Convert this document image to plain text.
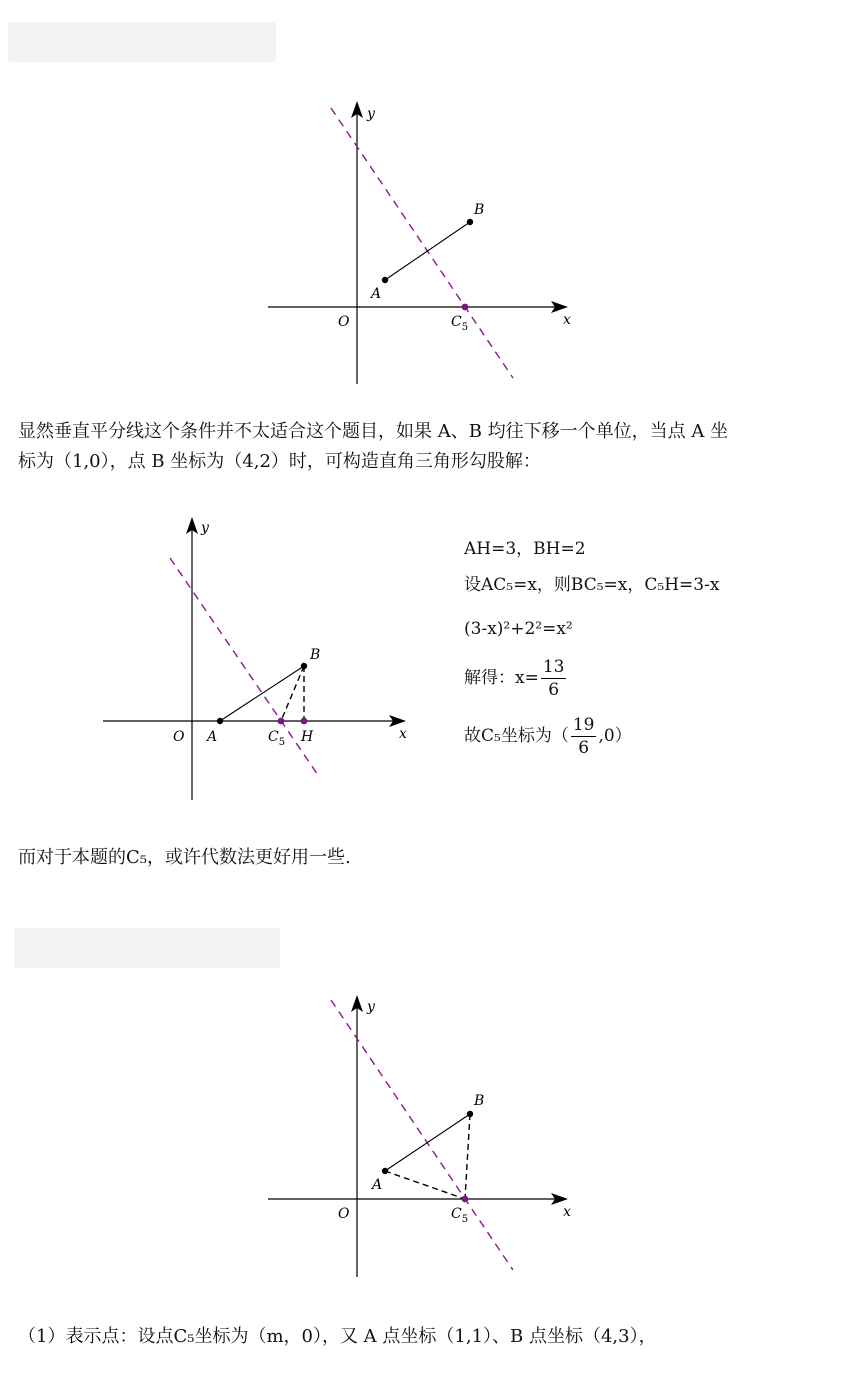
y
x
O
A
B
$C_5$
显然垂直平分线这个条件并不太适合这个题目，如果 A、B 均往下移一个单位，当点 A 坐
标为（1,0），点 B 坐标为（4,2）时，可构造直角三角形勾股解：
y
x
O A
B
$C_5$ H
AH=3，BH=2
设AC₅=x，则BC₅=x，C₅H=3-x
(3-x)²+2²=x²
解得：$x= \frac{13}{6}$
故C₅坐标为（ $\frac{19}{6} ,0$）
而对于本题的C₅，或许代数法更好用一些.
y
x
O
A
B
$C_5$
（1）表示点：设点C₅坐标为（m，0），又 A 点坐标（1,1）、B 点坐标（4,3），
